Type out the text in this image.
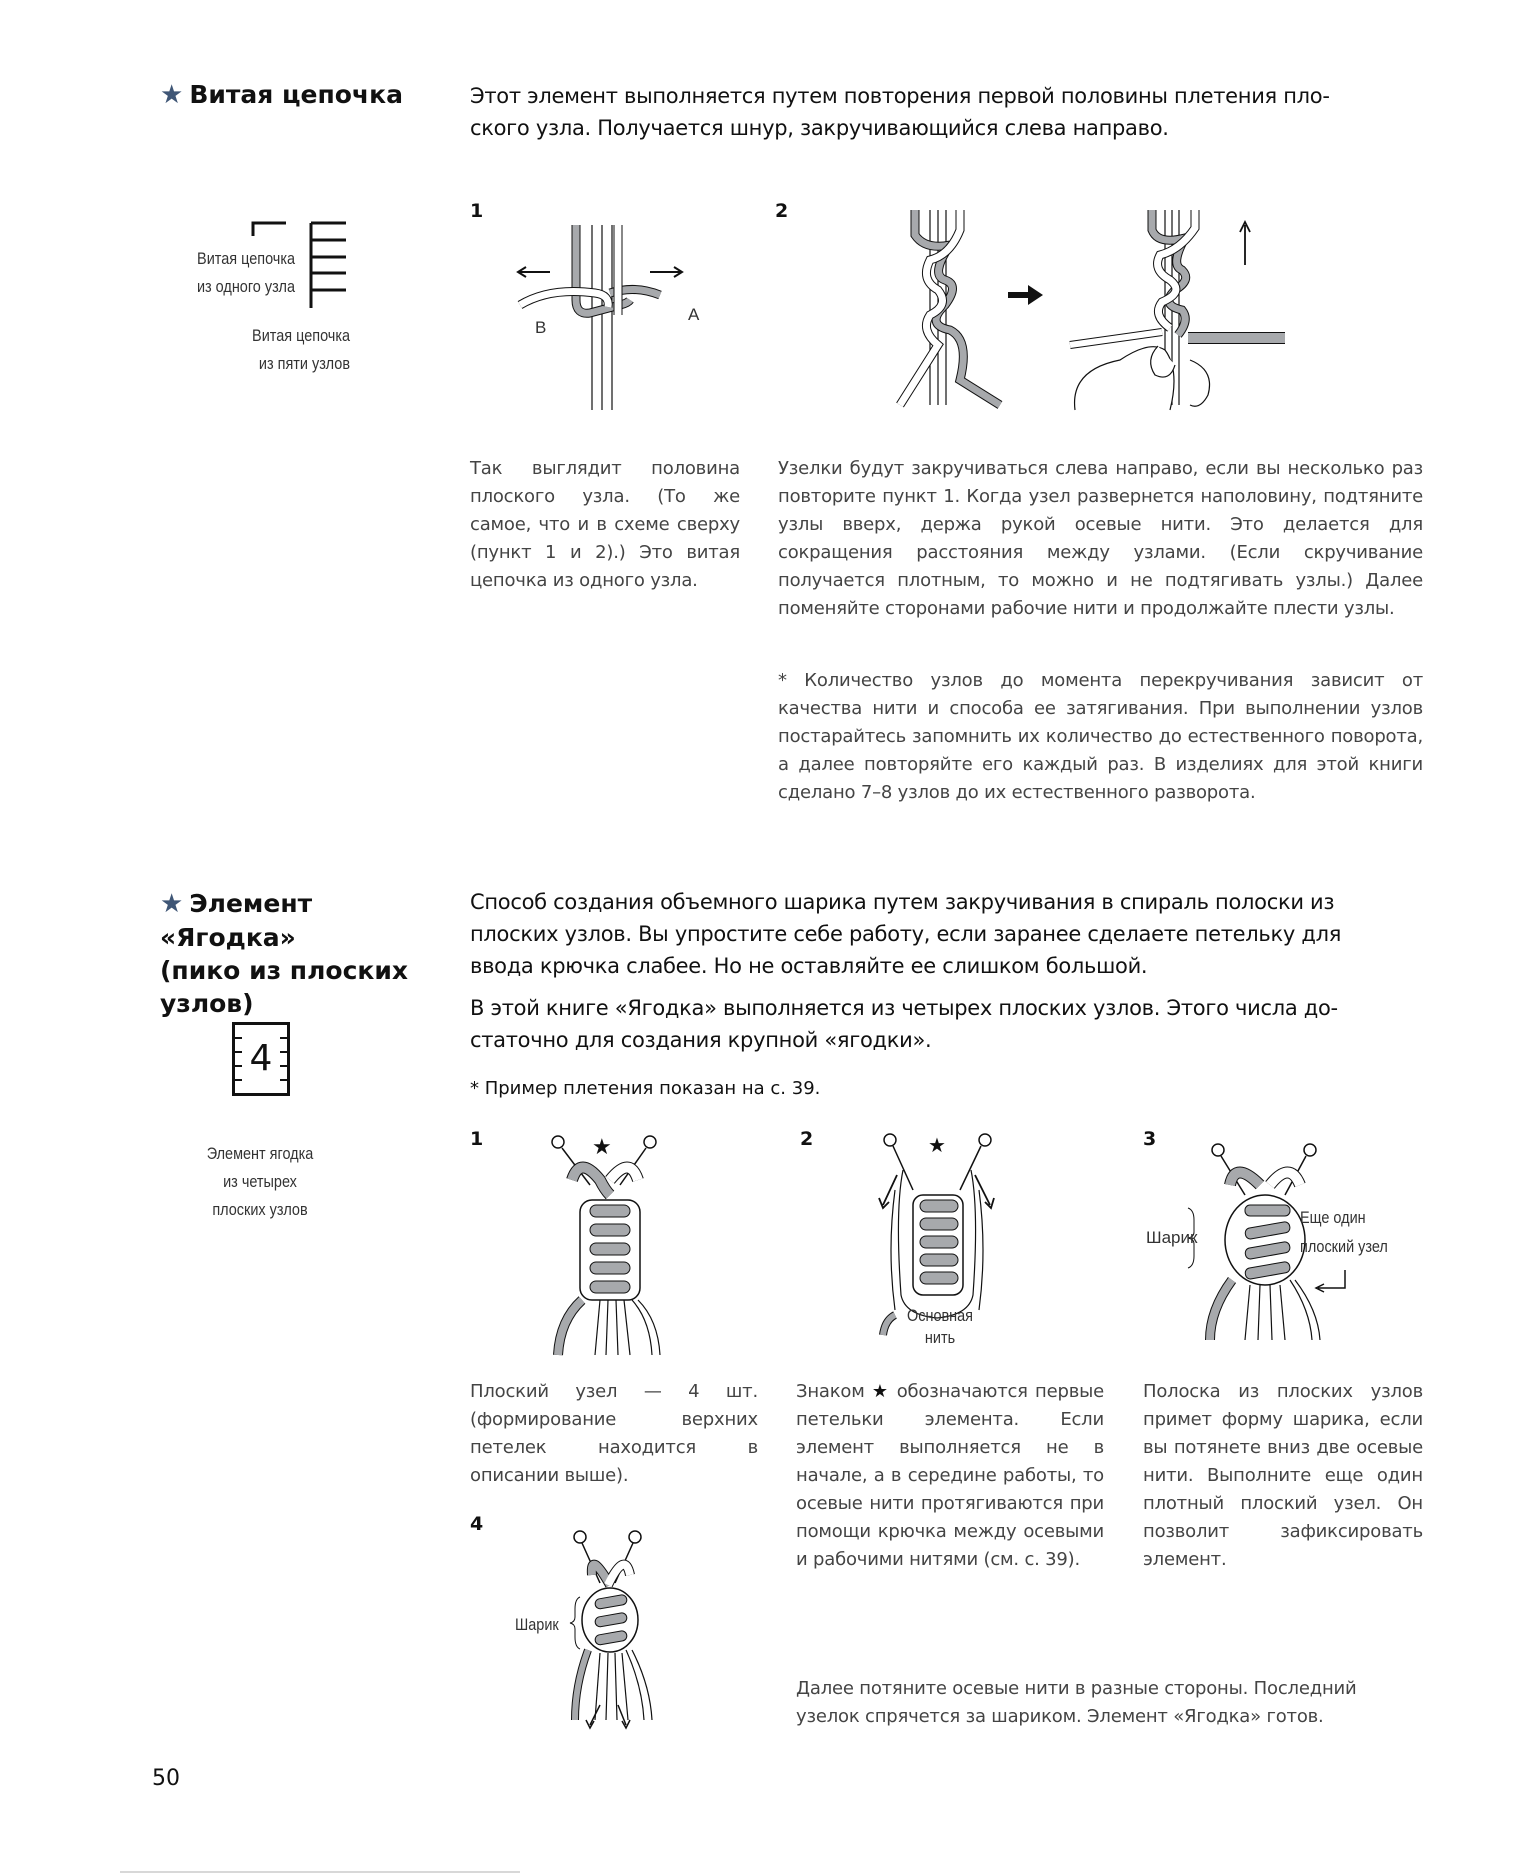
★ Витая цепочка	Этот элемент выполняется путем повторения первой половины плетения пло-
ского узла. Получается шнур, закручивающийся слева направо.
Витая цепочка
из одного узла
Витая цепочка
из пяти узлов
1
B
A
2
Так выглядит половина плоского узла. (То же самое, что и в схеме сверху (пункт 1 и 2).) Это витая цепочка из одного узла.
Узелки будут закручиваться слева направо, если вы несколько раз повторите пункт 1. Когда узел развернется наполовину, подтяните узлы вверх, держа рукой осевые нити. Это делается для сокращения расстояния между узлами. (Если скручивание получается плотным, то можно и не подтягивать узлы.) Далее поменяйте сторонами рабочие нити и продолжайте плести узлы.
* Количество узлов до момента перекручивания зависит от качества нити и способа ее затягивания. При выполнении узлов постарайтесь запомнить их количество до естественного поворота, а далее повторяйте его каждый раз. В изделиях для этой книги сделано 7–8 узлов до их естественного разворота.
★ Элемент «Ягодка»
(пико из плоских
узлов)
4
Элемент ягодка
из четырех
плоских узлов
Способ создания объемного шарика путем закручивания в спираль полоски из
плоских узлов. Вы упростите себе работу, если заранее сделаете петельку для
ввода крючка слабее. Но не оставляйте ее слишком большой.
В этой книге «Ягодка» выполняется из четырех плоских узлов. Этого числа до-
статочно для создания крупной «ягодки».
* Пример плетения показан на с. 39.
1	★	2	★
Основная нить
3
Шарик
Еще один
плоский узел
Плоский узел — 4 шт. (формирование верхних петелек находится в описании выше).
Знаком ★ обозначаются первые петельки элемента. Если элемент выполняется не в начале, а в середине работы, то осевые нити протягиваются при помощи крючка между осевыми и рабочими нитями (см. с. 39).
Полоска из плоских узлов примет форму шарика, если вы потянете вниз две осевые нити. Выполните еще один плотный плоский узел. Он позволит зафиксировать элемент.
4
Шарик
Далее потяните осевые нити в разные стороны. Последний узелок спрячется за шариком. Элемент «Ягодка» готов.
50
